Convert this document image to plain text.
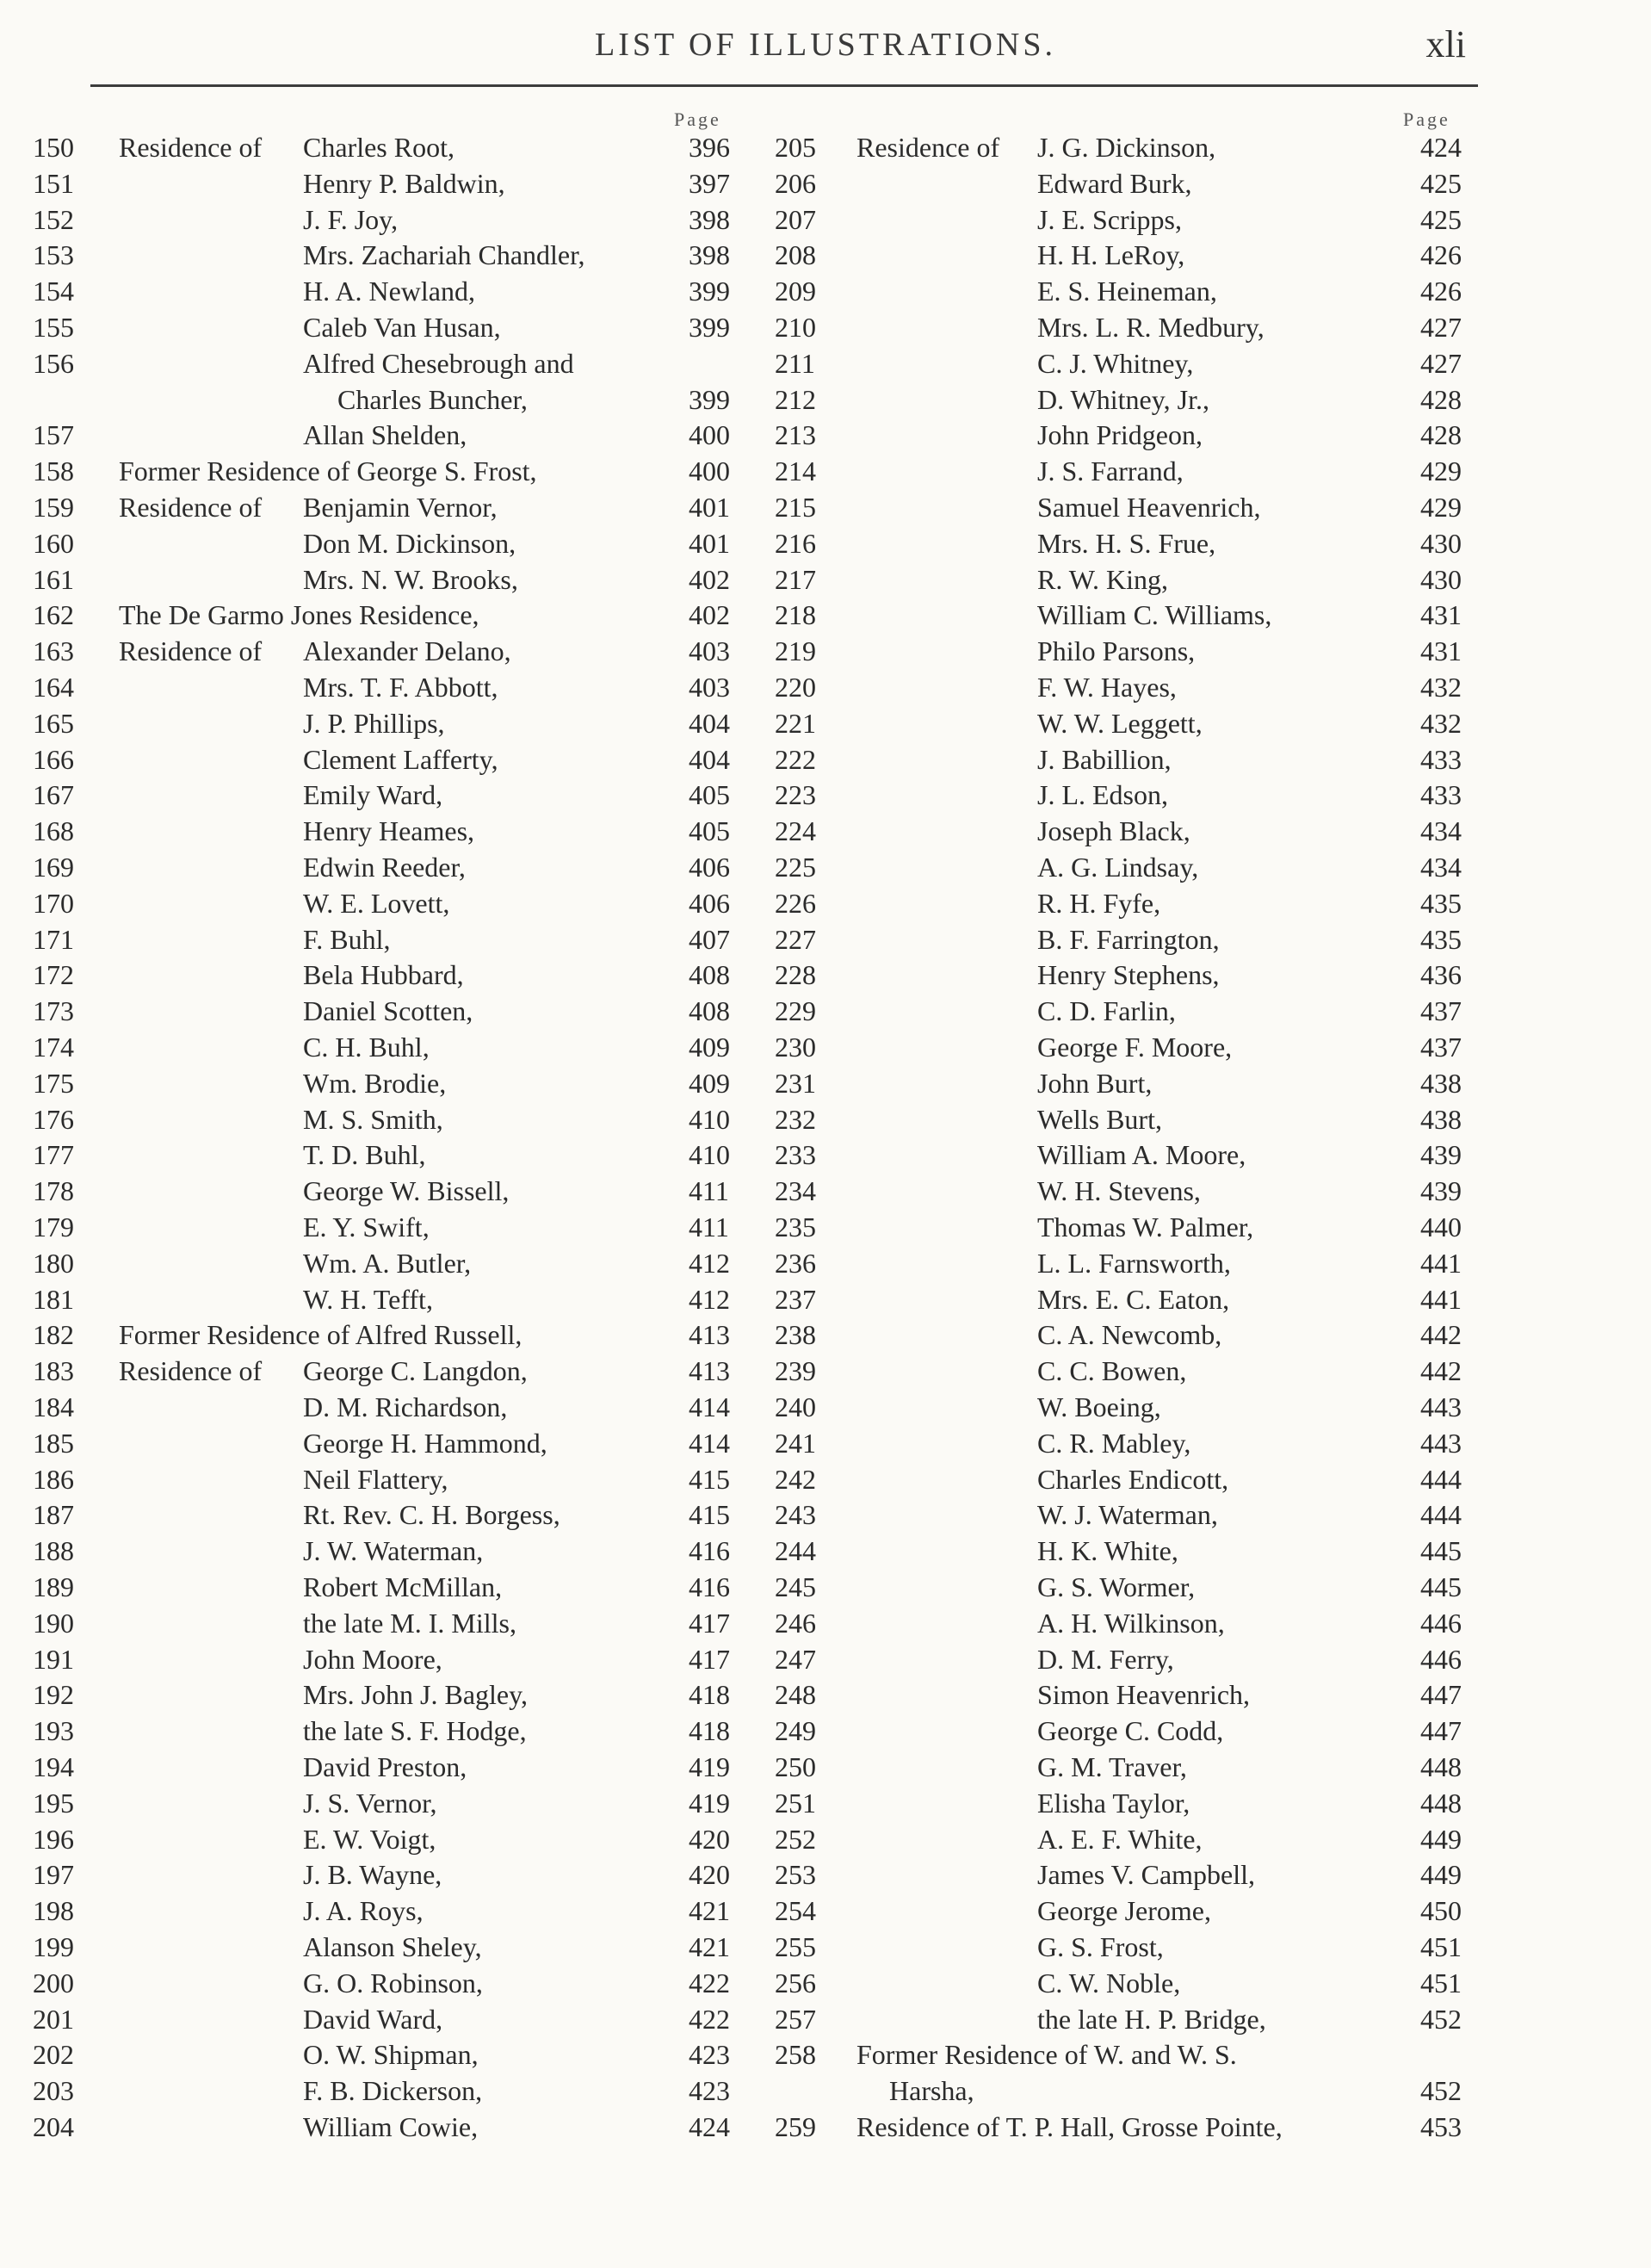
LIST OF ILLUSTRATIONS.	xli
Page	Page
150 Residence of Charles Root,	396
151	Henry P. Baldwin,	397
152	J. F. Joy,	398
153	Mrs. Zachariah Chandler,	398
154	H. A. Newland,	399
155	Caleb Van Husan,	399
156	Alfred Chesebrough and
Charles Buncher,	399
157	Allan Shelden,	400
158 Former Residence of George S. Frost,	400
159 Residence of Benjamin Vernor,	401
160	Don M. Dickinson,	401
161	Mrs. N. W. Brooks,	402
162 The De Garmo Jones Residence,	402
163 Residence of Alexander Delano,	403
164	Mrs. T. F. Abbott,	403
165	J. P. Phillips,	404
166	Clement Lafferty,	404
167	Emily Ward,	405
168	Henry Heames,	405
169	Edwin Reeder,	406
170	W. E. Lovett,	406
171	F. Buhl,	407
172	Bela Hubbard,	408
173	Daniel Scotten,	408
174	C. H. Buhl,	409
175	Wm. Brodie,	409
176	M. S. Smith,	410
177	T. D. Buhl,	410
178	George W. Bissell,	411
179	E. Y. Swift,	411
180	Wm. A. Butler,	412
181	W. H. Tefft,	412
182 Former Residence of Alfred Russell,	413
183 Residence of George C. Langdon,	413
184	D. M. Richardson,	414
185	George H. Hammond,	414
186	Neil Flattery,	415
187	Rt. Rev. C. H. Borgess,	415
188	J. W. Waterman,	416
189	Robert McMillan,	416
190	the late M. I. Mills,	417
191	John Moore,	417
192	Mrs. John J. Bagley,	418
193	the late S. F. Hodge,	418
194	David Preston,	419
195	J. S. Vernor,	419
196	E. W. Voigt,	420
197	J. B. Wayne,	420
198	J. A. Roys,	421
199	Alanson Sheley,	421
200	G. O. Robinson,	422
201	David Ward,	422
202	O. W. Shipman,	423
203	F. B. Dickerson,	423
204	William Cowie,	424
205 Residence of J. G. Dickinson,	424
206	Edward Burk,	425
207	J. E. Scripps,	425
208	H. H. LeRoy,	426
209	E. S. Heineman,	426
210	Mrs. L. R. Medbury,	427
211	C. J. Whitney,	427
212	D. Whitney, Jr.,	428
213	John Pridgeon,	428
214	J. S. Farrand,	429
215	Samuel Heavenrich,	429
216	Mrs. H. S. Frue,	430
217	R. W. King,	430
218	William C. Williams,	431
219	Philo Parsons,	431
220	F. W. Hayes,	432
221	W. W. Leggett,	432
222	J. Babillion,	433
223	J. L. Edson,	433
224	Joseph Black,	434
225	A. G. Lindsay,	434
226	R. H. Fyfe,	435
227	B. F. Farrington,	435
228	Henry Stephens,	436
229	C. D. Farlin,	437
230	George F. Moore,	437
231	John Burt,	438
232	Wells Burt,	438
233	William A. Moore,	439
234	W. H. Stevens,	439
235	Thomas W. Palmer,	440
236	L. L. Farnsworth,	441
237	Mrs. E. C. Eaton,	441
238	C. A. Newcomb,	442
239	C. C. Bowen,	442
240	W. Boeing,	443
241	C. R. Mabley,	443
242	Charles Endicott,	444
243	W. J. Waterman,	444
244	H. K. White,	445
245	G. S. Wormer,	445
246	A. H. Wilkinson,	446
247	D. M. Ferry,	446
248	Simon Heavenrich,	447
249	George C. Codd,	447
250	G. M. Traver,	448
251	Elisha Taylor,	448
252	A. E. F. White,	449
253	James V. Campbell,	449
254	George Jerome,	450
255	G. S. Frost,	451
256	C. W. Noble,	451
257	the late H. P. Bridge,	452
258 Former Residence of W. and W. S.
Harsha,	452
259 Residence of T. P. Hall, Grosse Pointe,	453
